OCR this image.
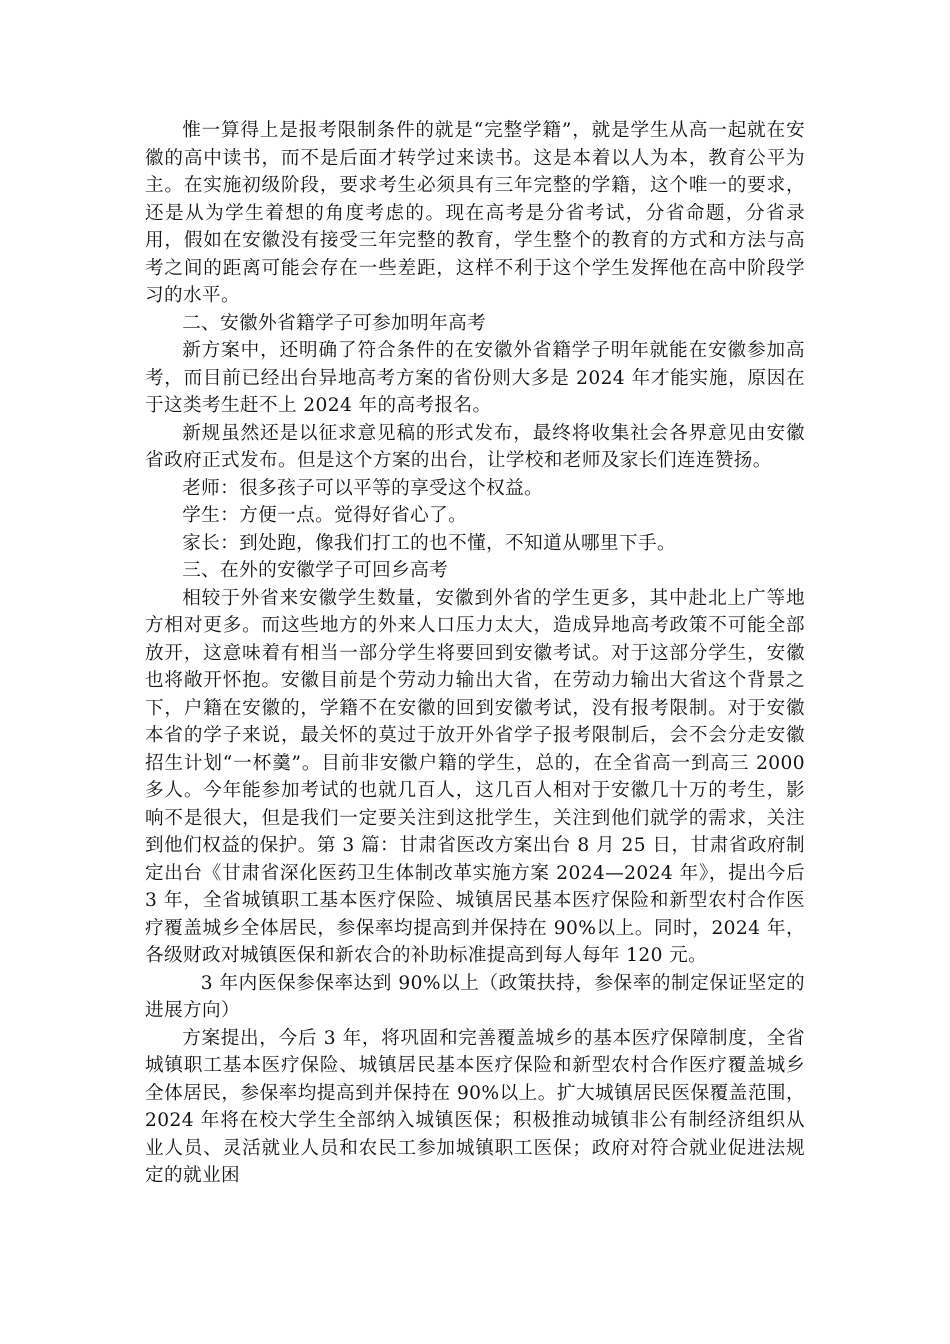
惟一算得上是报考限制条件的就是“完整学籍”，就是学生从高一起就在安徽的高中读书，而不是后面才转学过来读书。这是本着以人为本，教育公平为主。在实施初级阶段，要求考生必须具有三年完整的学籍，这个唯一的要求，还是从为学生着想的角度考虑的。现在高考是分省考试，分省命题，分省录用，假如在安徽没有接受三年完整的教育，学生整个的教育的方式和方法与高考之间的距离可能会存在一些差距，这样不利于这个学生发挥他在高中阶段学习的水平。

二、安徽外省籍学子可参加明年高考

新方案中，还明确了符合条件的在安徽外省籍学子明年就能在安徽参加高考，而目前已经出台异地高考方案的省份则大多是 2024 年才能实施，原因在于这类考生赶不上 2024 年的高考报名。

新规虽然还是以征求意见稿的形式发布，最终将收集社会各界意见由安徽省政府正式发布。但是这个方案的出台，让学校和老师及家长们连连赞扬。

老师：很多孩子可以平等的享受这个权益。

学生：方便一点。觉得好省心了。

家长：到处跑，像我们打工的也不懂，不知道从哪里下手。

三、在外的安徽学子可回乡高考

相较于外省来安徽学生数量，安徽到外省的学生更多，其中赴北上广等地方相对更多。而这些地方的外来人口压力太大，造成异地高考政策不可能全部放开，这意味着有相当一部分学生将要回到安徽考试。对于这部分学生，安徽也将敞开怀抱。安徽目前是个劳动力输出大省，在劳动力输出大省这个背景之下，户籍在安徽的，学籍不在安徽的回到安徽考试，没有报考限制。对于安徽本省的学子来说，最关怀的莫过于放开外省学子报考限制后，会不会分走安徽招生计划“一杯羹”。目前非安徽户籍的学生，总的，在全省高一到高三 2000 多人。今年能参加考试的也就几百人，这几百人相对于安徽几十万的考生，影响不是很大，但是我们一定要关注到这批学生，关注到他们就学的需求，关注到他们权益的保护。第 3 篇：甘肃省医改方案出台 8 月 25 日，甘肃省政府制定出台《甘肃省深化医药卫生体制改革实施方案 2024—2024 年》，提出今后 3 年，全省城镇职工基本医疗保险、城镇居民基本医疗保险和新型农村合作医疗覆盖城乡全体居民，参保率均提高到并保持在 90%以上。同时，2024 年，各级财政对城镇医保和新农合的补助标准提高到每人每年 120 元。

3 年内医保参保率达到 90%以上（政策扶持，参保率的制定保证坚定的进展方向）

方案提出，今后 3 年，将巩固和完善覆盖城乡的基本医疗保障制度，全省城镇职工基本医疗保险、城镇居民基本医疗保险和新型农村合作医疗覆盖城乡全体居民，参保率均提高到并保持在 90%以上。扩大城镇居民医保覆盖范围，2024 年将在校大学生全部纳入城镇医保；积极推动城镇非公有制经济组织从业人员、灵活就业人员和农民工参加城镇职工医保；政府对符合就业促进法规定的就业困
